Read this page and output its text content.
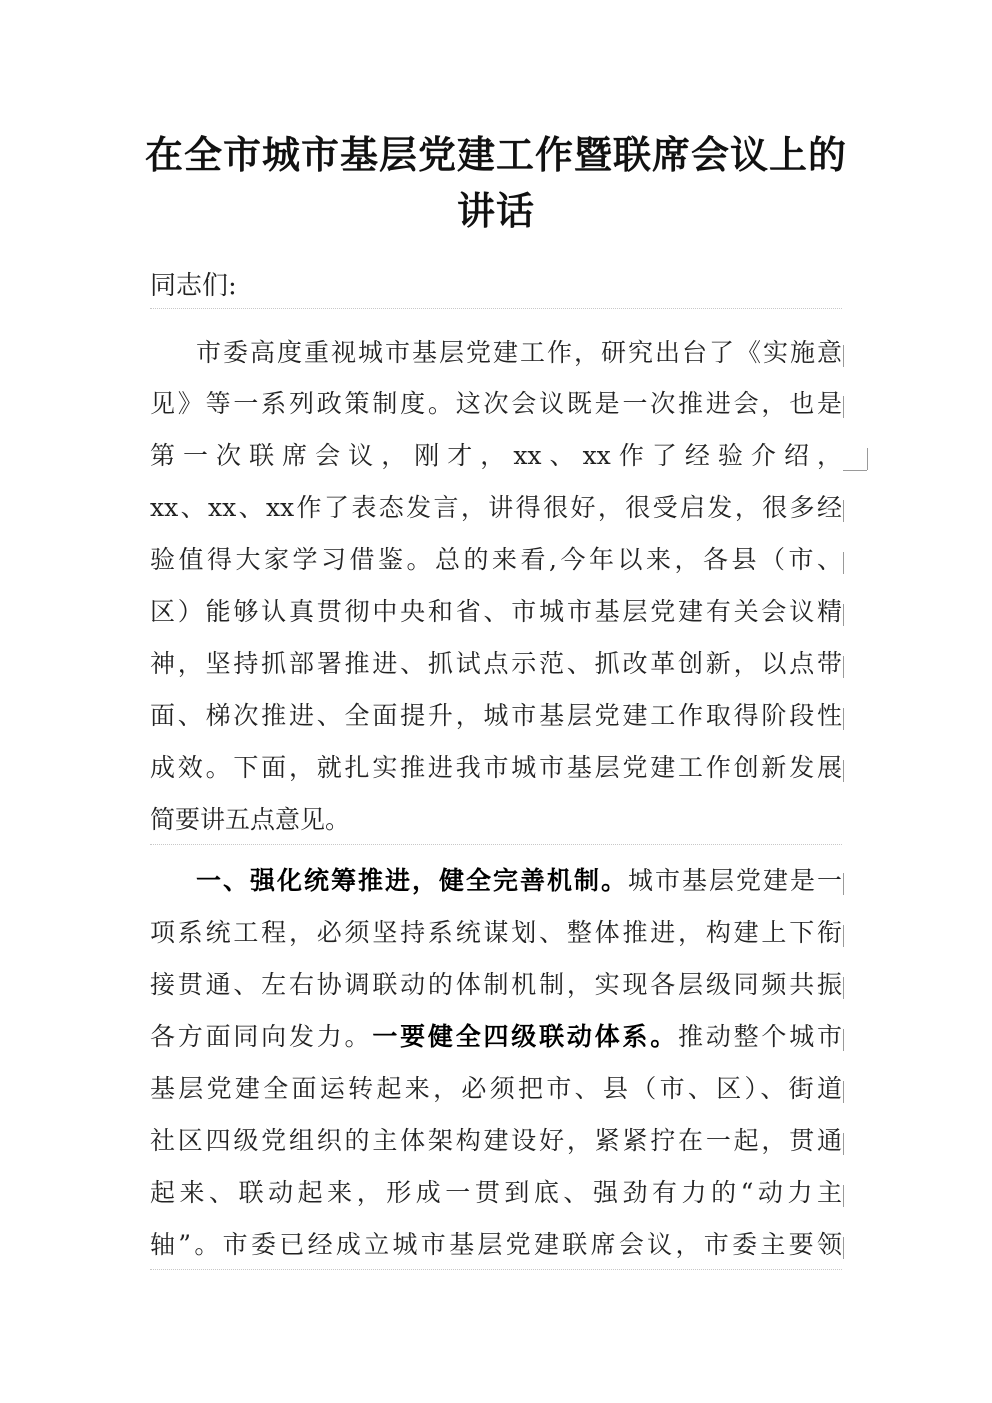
在全市城市基层党建工作暨联席会议上的
讲话
同志们:
市委高度重视城市基层党建工作，研究出台了《实施意
见》等一系列政策制度。这次会议既是一次推进会，也是
第一次联席会议，刚才，xx、xx作了经验介绍，
xx、xx、xx作了表态发言，讲得很好，很受启发，很多经
验值得大家学习借鉴。总的来看,今年以来，各县（市、
区）能够认真贯彻中央和省、市城市基层党建有关会议精
神，坚持抓部署推进、抓试点示范、抓改革创新，以点带
面、梯次推进、全面提升，城市基层党建工作取得阶段性
成效。下面，就扎实推进我市城市基层党建工作创新发展
简要讲五点意见。
一、强化统筹推进，健全完善机制。城市基层党建是一
项系统工程，必须坚持系统谋划、整体推进，构建上下衔
接贯通、左右协调联动的体制机制，实现各层级同频共振
各方面同向发力。一要健全四级联动体系。推动整个城市
基层党建全面运转起来，必须把市、县（市、区）、街道
社区四级党组织的主体架构建设好，紧紧拧在一起，贯通
起来、联动起来，形成一贯到底、强劲有力的“动力主
轴”。市委已经成立城市基层党建联席会议，市委主要领
